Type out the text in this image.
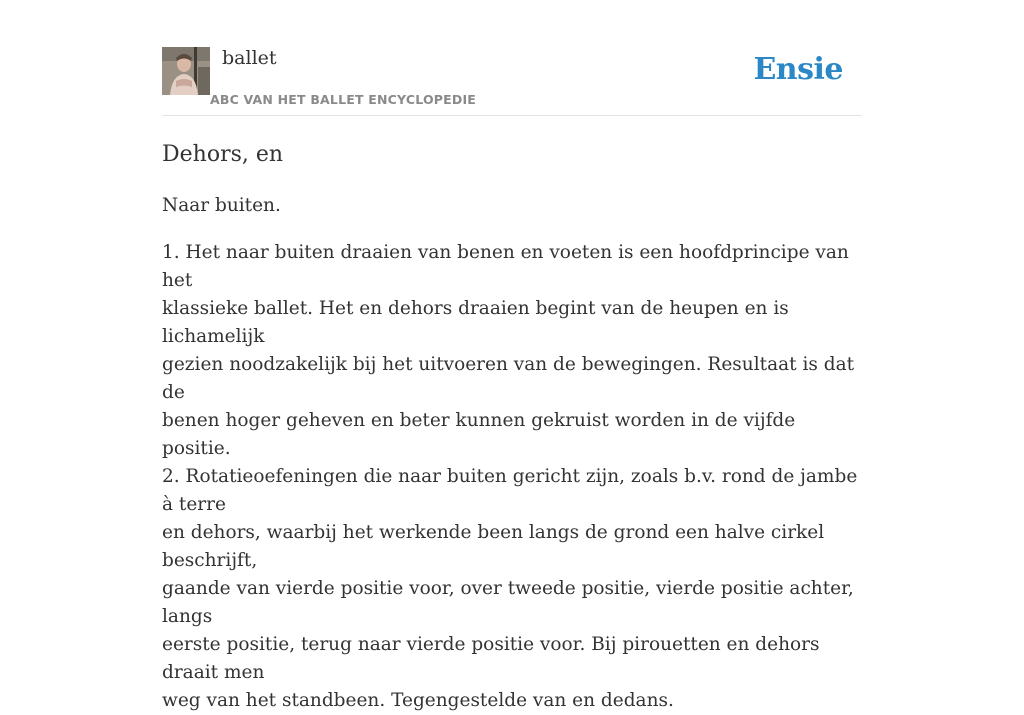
ballet
ABC VAN HET BALLET ENCYCLOPEDIE
Ensie
Dehors, en

Naar buiten.

1. Het naar buiten draaien van benen en voeten is een hoofdprincipe van het
klassieke ballet. Het en dehors draaien begint van de heupen en is lichamelijk
gezien noodzakelijk bij het uitvoeren van de bewegingen. Resultaat is dat de
benen hoger geheven en beter kunnen gekruist worden in de vijfde positie.
2. Rotatieoefeningen die naar buiten gericht zijn, zoals b.v. rond de jambe à terre
en dehors, waarbij het werkende been langs de grond een halve cirkel beschrijft,
gaande van vierde positie voor, over tweede positie, vierde positie achter, langs
eerste positie, terug naar vierde positie voor. Bij pirouetten en dehors draait men
weg van het standbeen. Tegengestelde van en dedans.
